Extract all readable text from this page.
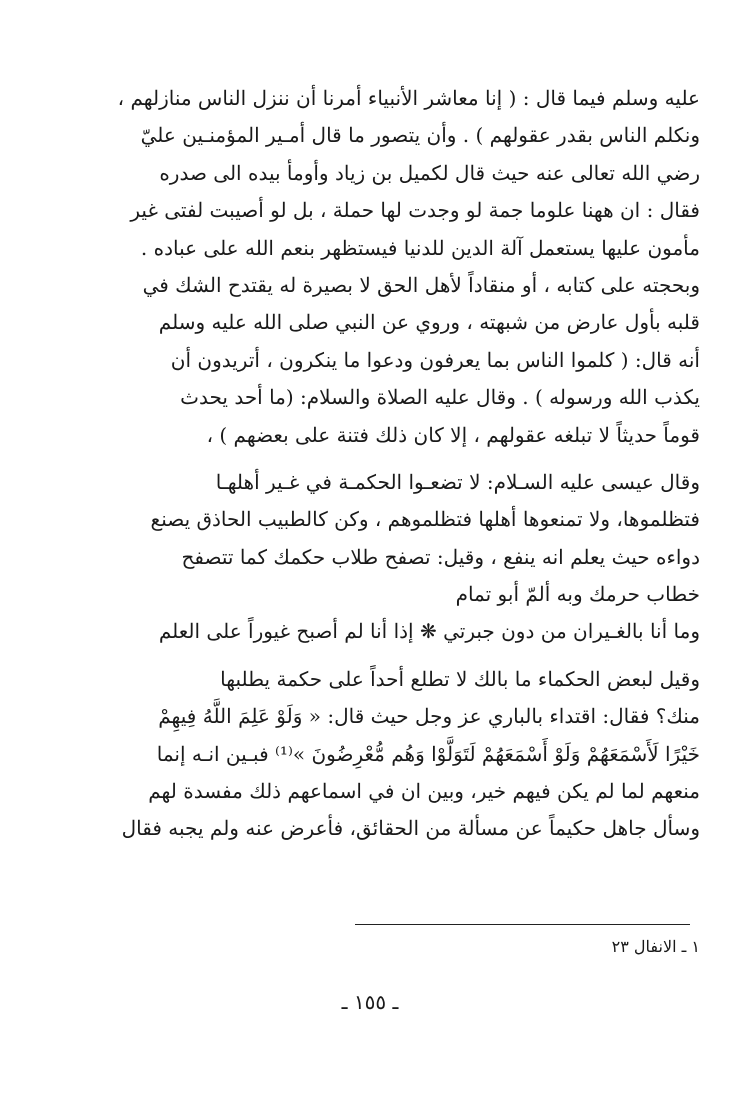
عليه وسلم فيما قال : ( إنا معاشر الأنبياء أمرنا أن ننزل الناس منازلهم ،
ونكلم الناس بقدر عقولهم ) . وأن يتصور ما قال أمـير المؤمنـين عليّ
رضي الله تعالى عنه حيث قال لكميل بن زياد وأومأ بيده الى صدره
فقال : ان ههنا علوما جمة لو وجدت لها حملة ، بل لو أصيبت لفتى غير
مأمون عليها يستعمل آلة الدين للدنيا فيستظهر بنعم الله على عباده .
وبحجته على كتابه ، أو منقاداً لأهل الحق لا بصيرة له يقتدح الشك في
قلبه بأول عارض من شبهته ، وروي عن النبي صلى الله عليه وسلم
أنه قال: ( كلموا الناس بما يعرفون ودعوا ما ينكرون ، أتريدون أن
يكذب الله ورسوله ) . وقال عليه الصلاة والسلام: (ما أحد يحدث
قوماً حديثاً لا تبلغه عقولهم ، إلا كان ذلك فتنة على بعضهم ) ،
وقال عيسى عليه السـلام: لا تضعـوا الحكمـة في غـير أهلهـا
فتظلموها، ولا تمنعوها أهلها فتظلموهم ، وكن كالطبيب الحاذق يصنع
دواءه حيث يعلم انه ينفع ، وقيل: تصفح طلاب حكمك كما تتصفح
خطاب حرمك وبه ألمّ أبو تمام
وما أنا بالغـيران من دون جبرتي ❋ إذا أنا لم أصبح غيوراً على العلم
وقيل لبعض الحكماء ما بالك لا تطلع أحداً على حكمة يطلبها
منك؟ فقال: اقتداء بالباري عز وجل حيث قال: « وَلَوْ عَلِمَ اللَّهُ فِيهِمْ
خَيْرًا لَأَسْمَعَهُمْ وَلَوْ أَسْمَعَهُمْ لَتَوَلَّوْا وَهُم مُّعْرِضُونَ »⁽¹⁾ فبـين انـه إنما
منعهم لما لم يكن فيهم خير، وبين ان في اسماعهم ذلك مفسدة لهم
وسأل جاهل حكيماً عن مسألة من الحقائق، فأعرض عنه ولم يجبه فقال
١ ـ الانفال ٢٣
ـ ١٥٥ ـ
